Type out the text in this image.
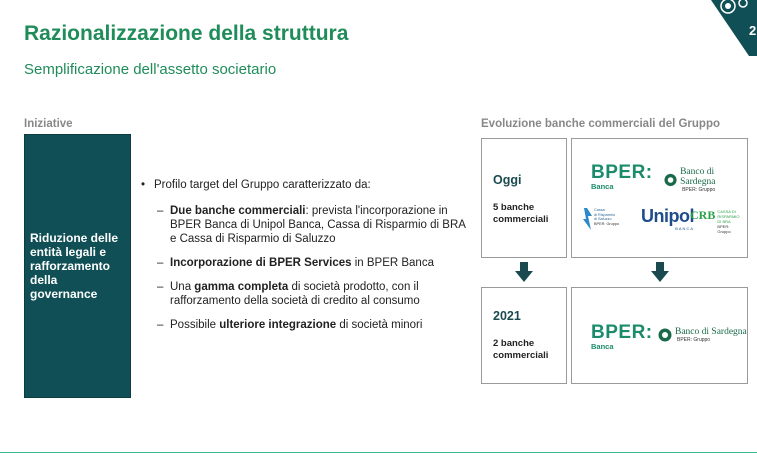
Razionalizzazione della struttura
Semplificazione dell'assetto societario
2
Iniziative
Riduzione delle entità legali e rafforzamento della governance
• Profilo target del Gruppo caratterizzato da:
– Due banche commerciali: prevista l'incorporazione in BPER Banca di Unipol Banca, Cassa di Risparmio di BRA e Cassa di Risparmio di Saluzzo
– Incorporazione di BPER Services in BPER Banca
– Una gamma completa di società prodotto, con il rafforzamento della società di credito al consumo
– Possibile ulteriore integrazione di società minori
Evoluzione banche commerciali del Gruppo
Oggi
5 banche commerciali
BPER:
Banca
Banco di Sardegna
BPER: Gruppo
Cassa
di Risparmio
di Saluzzo
BPER: Gruppo Unipol
BANCA
CRB CASSA DI RISPARMIO DI BRA
BPER: Gruppo
2021
2 banche commerciali
BPER:
Banca
Banco di Sardegna
BPER: Gruppo
